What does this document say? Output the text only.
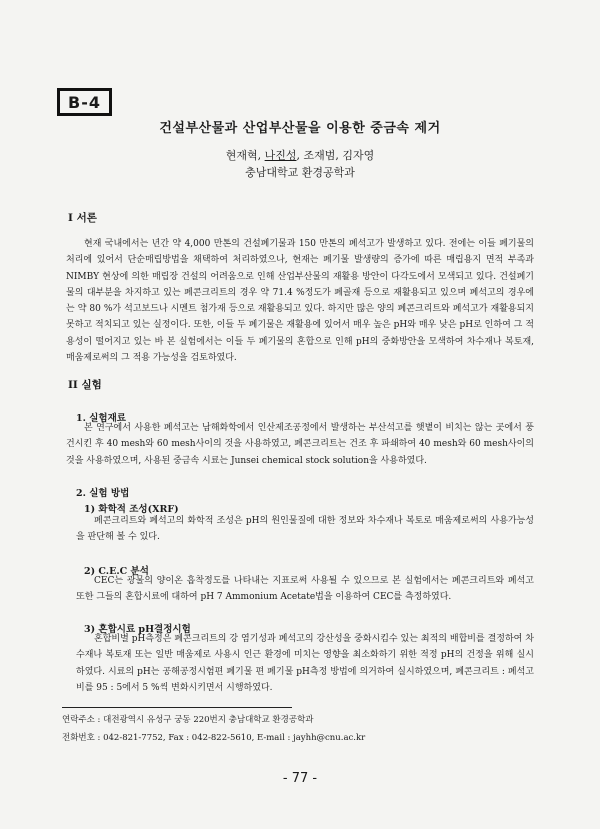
B-4
건설부산물과 산업부산물을 이용한 중금속 제거
현재혁, 나진성, 조재범, 김자영
충남대학교 환경공학과
I 서론

현재 국내에서는 년간 약 4,000 만톤의 건설폐기물과 150 만톤의 폐석고가 발생하고 있다. 전에는 이들 폐기물의 처리에 있어서 단순매립방법을 채택하여 처리하였으나, 현재는 폐기물 발생량의 증가에 따른 매립용지 면적 부족과 NIMBY 현상에 의한 매립장 건설의 어려움으로 인해 산업부산물의 재활용 방안이 다각도에서 모색되고 있다. 건설폐기물의 대부분을 차지하고 있는 폐콘크리트의 경우 약 71.4 %정도가 폐골재 등으로 재활용되고 있으며 폐석고의 경우에는 약 80 %가 석고보드나 시멘트 첨가재 등으로 재활용되고 있다. 하지만 많은 양의 폐콘크리트와 폐석고가 재활용되지 못하고 적치되고 있는 실정이다. 또한, 이들 두 폐기물은 재활용에 있어서 매우 높은 pH와 매우 낮은 pH로 인하여 그 적용성이 떨어지고 있는 바 본 실험에서는 이들 두 폐기물의 혼합으로 인해 pH의 중화방안을 모색하여 차수재나 복토재, 매움제로써의 그 적용 가능성을 검토하였다.

II 실험
1. 실험재료

본 연구에서 사용한 폐석고는 남해화학에서 인산제조공정에서 발생하는 부산석고를 햇볕이 비치는 않는 곳에서 풍건시킨 후 40 mesh와 60 mesh사이의 것을 사용하였고, 폐콘크리트는 건조 후 파쇄하여 40 mesh와 60 mesh사이의 것을 사용하였으며, 사용된 중금속 시료는 Junsei chemical stock solution을 사용하였다.

2. 실험 방법
1) 화학적 조성(XRF)

폐콘크리트와 폐석고의 화학적 조성은 pH의 원인물질에 대한 정보와 차수재나 복토로 매움제로써의 사용가능성을 판단해 볼 수 있다.

2) C.E.C 분석

CEC는 광물의 양이온 흡착정도를 나타내는 지표로써 사용될 수 있으므로 본 실험에서는 폐콘크리트와 폐석고 또한 그들의 혼합시료에 대하여 pH 7 Ammonium Acetate법을 이용하여 CEC를 측정하였다.

3) 혼합시료 pH결정시험

혼합비별 pH측정은 폐콘크리트의 강 염기성과 폐석고의 강산성을 중화시킴수 있는 최적의 배합비를 결정하여 차수재나 복토재 또는 일반 매움제로 사용시 인근 환경에 미치는 영향을 최소화하기 위한 적정 pH의 건정을 위해 실시하였다. 시료의 pH는 공해공정시험편 폐기물 편 폐기물 pH측정 방법에 의거하여 실시하였으며, 폐콘크리트 : 폐석고비를 95 : 5에서 5 %씩 변화시키면서 시행하였다.

연락주소 : 대전광역시 유성구 궁동 220번지 충남대학교 환경공학과
전화번호 : 042-821-7752, Fax : 042-822-5610, E-mail : jayhh@cnu.ac.kr
- 77 -
